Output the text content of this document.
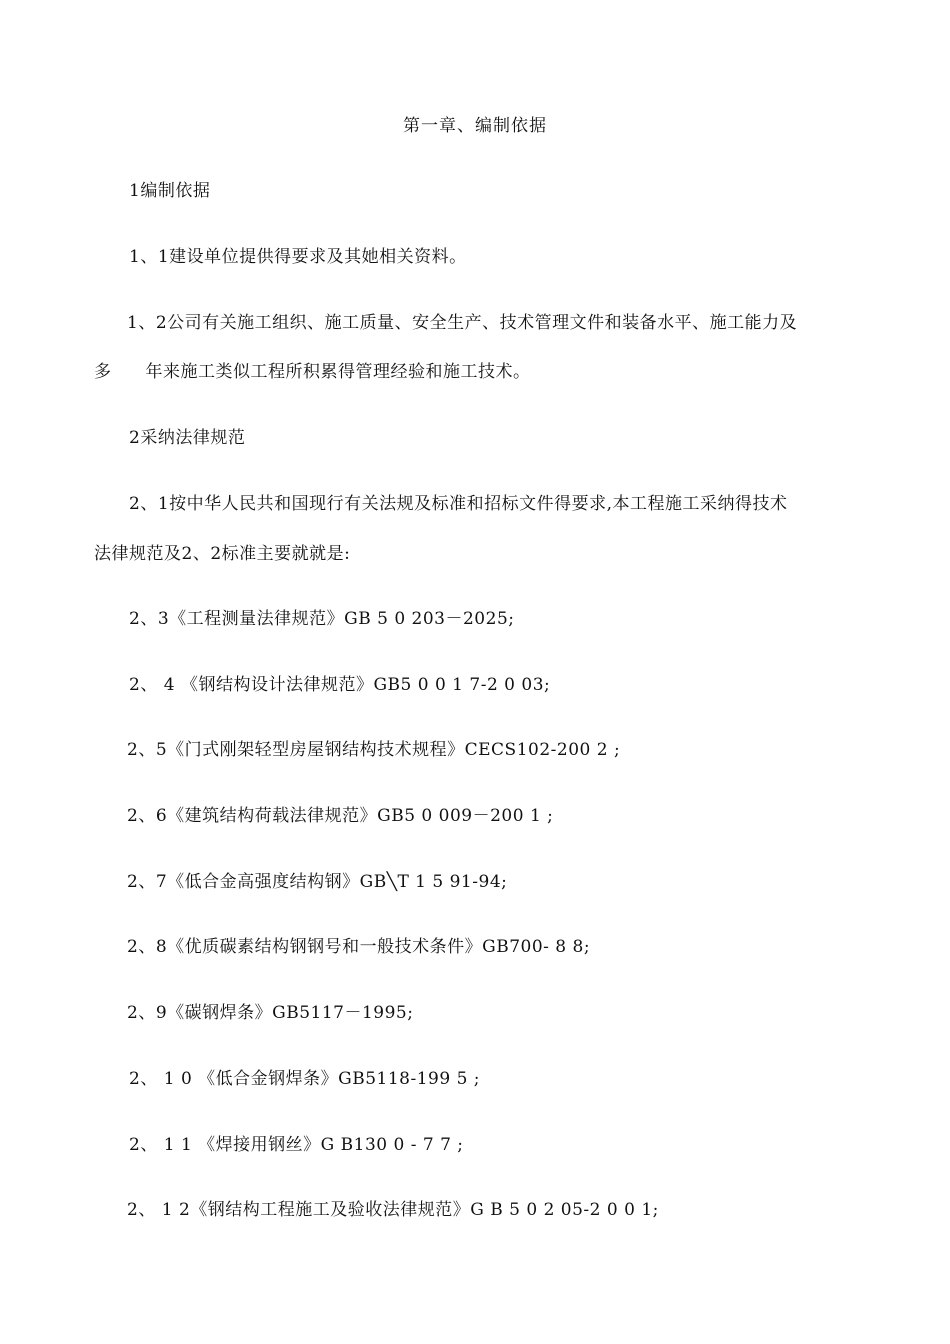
第一章、编制依据
1编制依据
1、1建设单位提供得要求及其她相关资料。
1、2公司有关施工组织、施工质量、安全生产、技术管理文件和装备水平、施工能力及
多 年来施工类似工程所积累得管理经验和施工技术。
2采纳法律规范
2、1按中华人民共和国现行有关法规及标准和招标文件得要求,本工程施工采纳得技术
法律规范及2、2标准主要就就是:
2、3《工程测量法律规范》GB 5 0 203－2025;
2、 4 《钢结构设计法律规范》GB5 0 0 1 7-2 0 03;
2、5《门式刚架轻型房屋钢结构技术规程》CECS102-200 2 ;
2、6《建筑结构荷载法律规范》GB5 0 009－200 1 ;
2、7《低合金高强度结构钢》GB╲T 1 5 91-94;
2、8《优质碳素结构钢钢号和一般技术条件》GB700- 8 8;
2、9《碳钢焊条》GB5117－1995;
2、 1 0 《低合金钢焊条》GB5118-199 5 ;
2、 1 1 《焊接用钢丝》G B130 0 - 7 7 ;
2、 1 2《钢结构工程施工及验收法律规范》G B 5 0 2 05-2 0 0 1;
